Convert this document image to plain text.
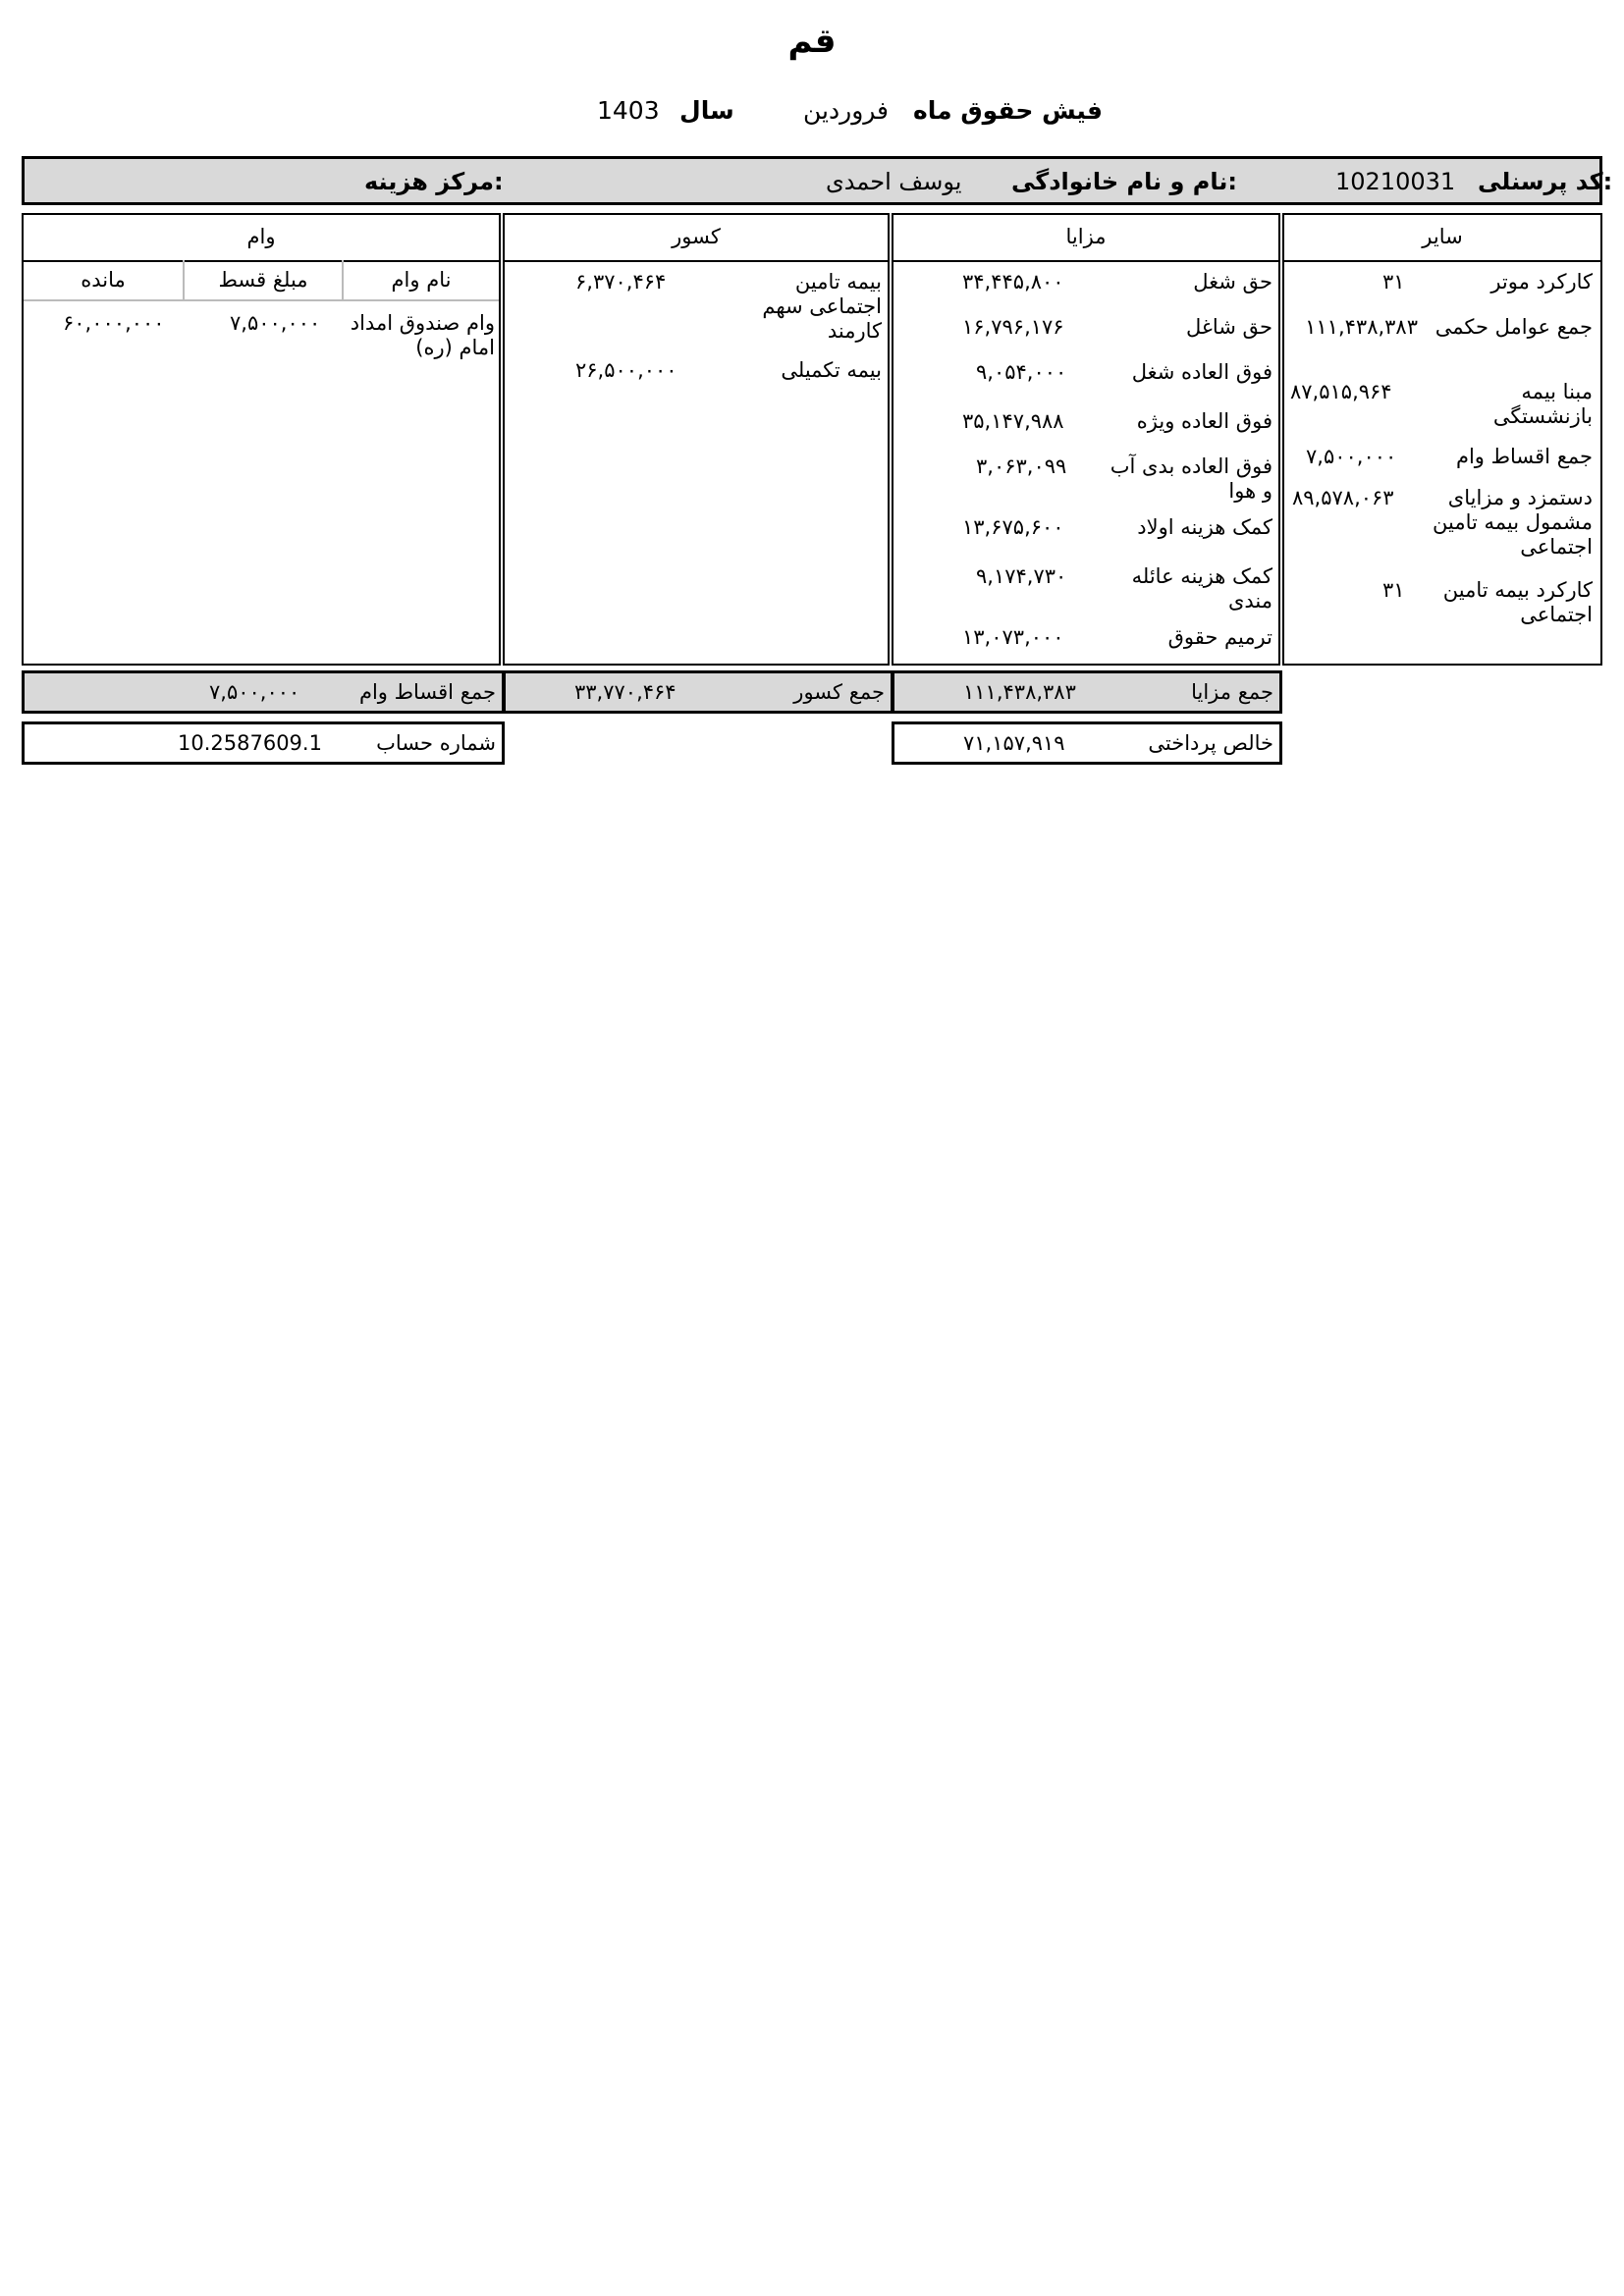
قم
فیش حقوق ماه
فروردین
سال
1403
کد پرسنلی:
10210031
نام و نام خانوادگی:
یوسف احمدی
مرکز هزینه:
سایر
کارکرد موتر
۳۱
جمع عوامل حکمی
۱۱۱,۴۳۸,۳۸۳
مبنا بیمه بازنشستگی
۸۷,۵۱۵,۹۶۴
جمع اقساط وام
۷,۵۰۰,۰۰۰
دستمزد و مزایای مشمول بیمه تامین اجتماعی
۸۹,۵۷۸,۰۶۳
کارکرد بیمه تامین اجتماعی
۳۱
مزایا
حق شغل
۳۴,۴۴۵,۸۰۰
حق شاغل
۱۶,۷۹۶,۱۷۶
فوق العاده شغل
۹,۰۵۴,۰۰۰
فوق العاده ویژه
۳۵,۱۴۷,۹۸۸
فوق العاده بدی آب و هوا
۳,۰۶۳,۰۹۹
کمک هزینه اولاد
۱۳,۶۷۵,۶۰۰
کمک هزینه عائله مندی
۹,۱۷۴,۷۳۰
ترمیم حقوق
۱۳,۰۷۳,۰۰۰
کسور
بیمه تامین اجتماعی سهم کارمند
۶,۳۷۰,۴۶۴
بیمه تکمیلی
۲۶,۵۰۰,۰۰۰
وام
نام وام
مبلغ قسط
مانده
وام صندوق امداد امام (ره)
۷,۵۰۰,۰۰۰
۶۰,۰۰۰,۰۰۰
جمع مزایا
۱۱۱,۴۳۸,۳۸۳
جمع کسور
۳۳,۷۷۰,۴۶۴
جمع اقساط وام
۷,۵۰۰,۰۰۰
خالص پرداختی
۷۱,۱۵۷,۹۱۹
شماره حساب
10.2587609.1
